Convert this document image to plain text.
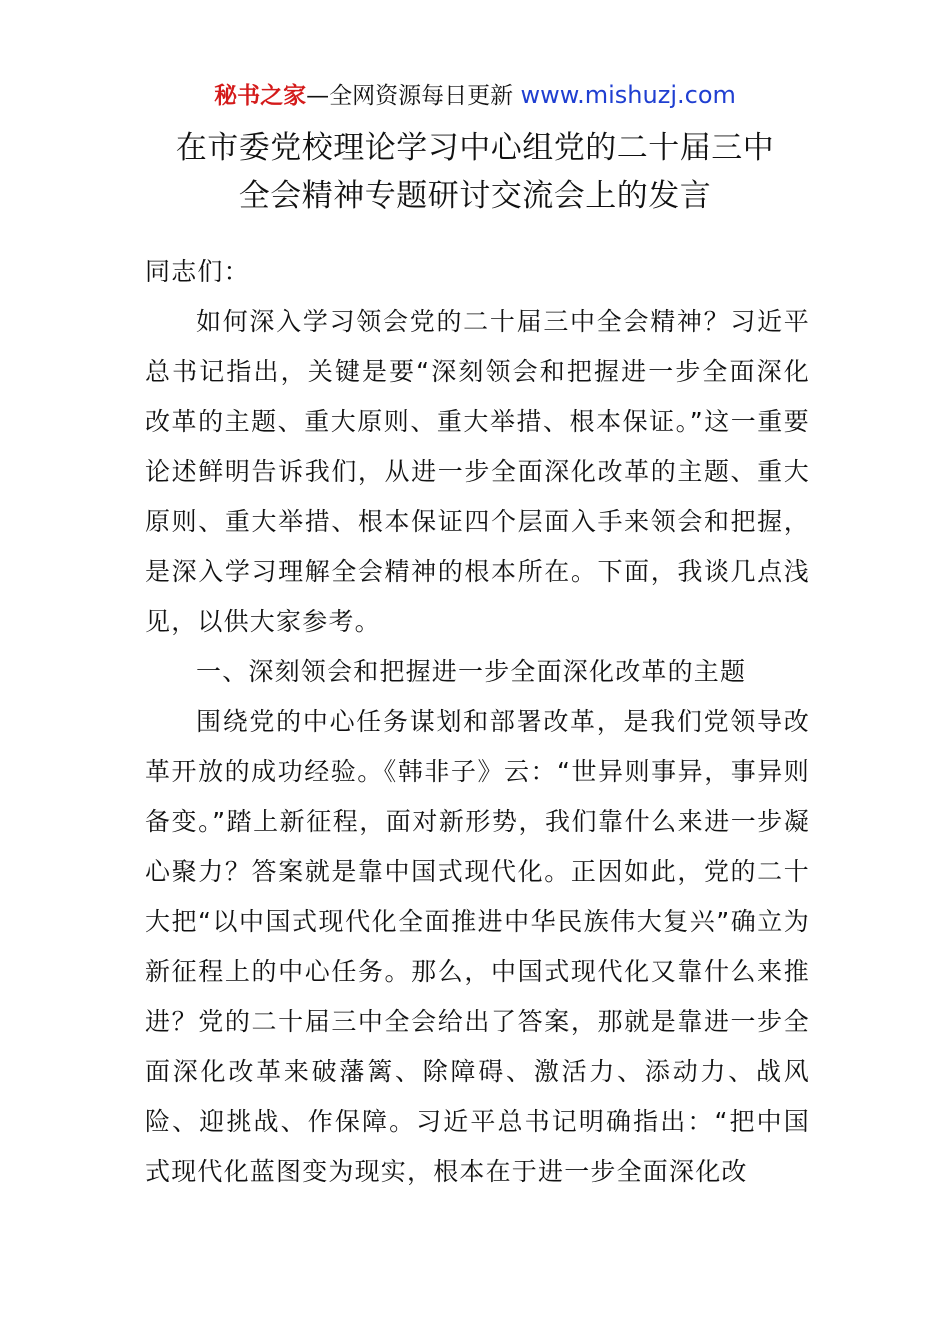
秘书之家—全网资源每日更新 www.mishuzj.com
在市委党校理论学习中心组党的二十届三中
全会精神专题研讨交流会上的发言

同志们：

如何深入学习领会党的二十届三中全会精神？习近平总书记指出，关键是要“深刻领会和把握进一步全面深化改革的主题、重大原则、重大举措、根本保证。”这一重要论述鲜明告诉我们，从进一步全面深化改革的主题、重大原则、重大举措、根本保证四个层面入手来领会和把握，是深入学习理解全会精神的根本所在。下面，我谈几点浅见，以供大家参考。

一、深刻领会和把握进一步全面深化改革的主题

围绕党的中心任务谋划和部署改革，是我们党领导改革开放的成功经验。《韩非子》云：“世异则事异，事异则备变。”踏上新征程，面对新形势，我们靠什么来进一步凝心聚力？答案就是靠中国式现代化。正因如此，党的二十大把“以中国式现代化全面推进中华民族伟大复兴”确立为新征程上的中心任务。那么，中国式现代化又靠什么来推进？党的二十届三中全会给出了答案，那就是靠进一步全面深化改革来破藩篱、除障碍、激活力、添动力、战风险、迎挑战、作保障。习近平总书记明确指出：“把中国式现代化蓝图变为现实，根本在于进一步全面深化改
